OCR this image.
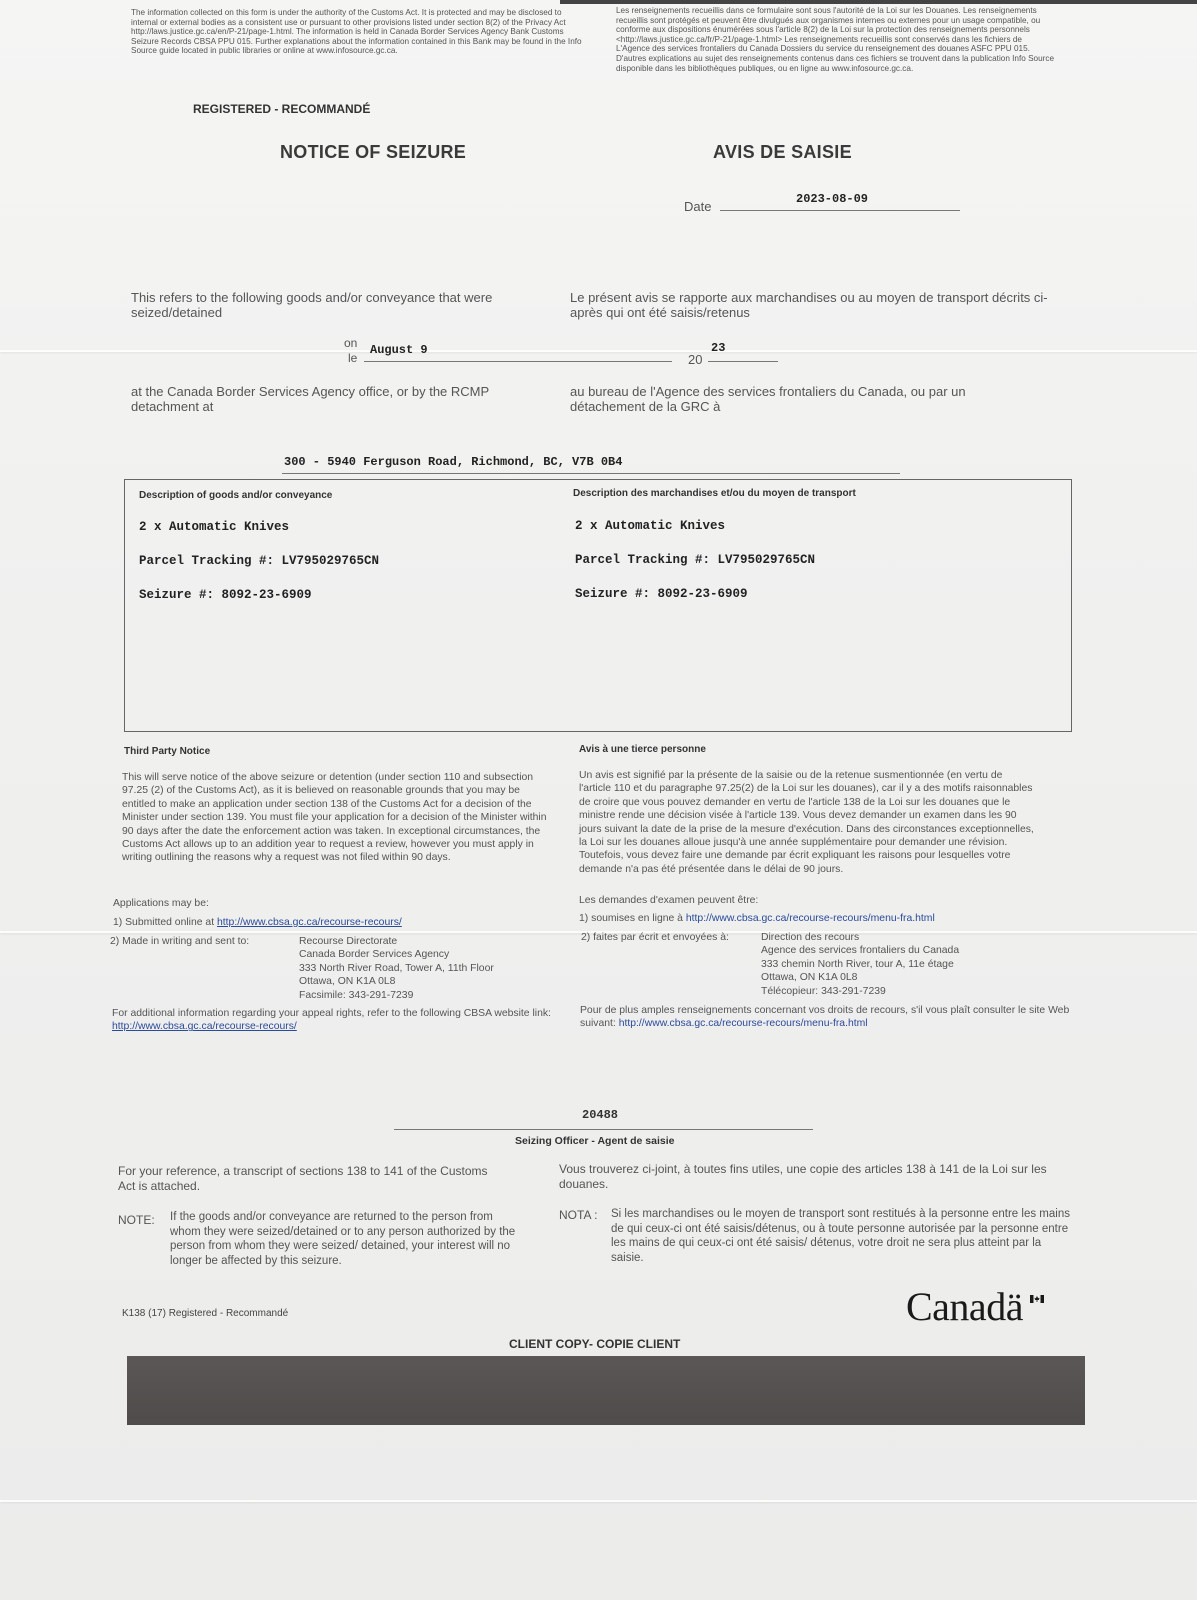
The information collected on this form is under the authority of the Customs Act. It is protected and may be disclosed to internal or external bodies as a consistent use or pursuant to other provisions listed under section 8(2) of the Privacy Act http://laws.justice.gc.ca/en/P-21/page-1.html. The information is held in Canada Border Services Agency Bank Customs Seizure Records CBSA PPU 015. Further explanations about the information contained in this Bank may be found in the Info Source guide located in public libraries or online at www.infosource.gc.ca.
Les renseignements recueillis dans ce formulaire sont sous l'autorité de la Loi sur les Douanes. Les renseignements recueillis sont protégés et peuvent être divulgués aux organismes internes ou externes pour un usage compatible, ou conforme aux dispositions énumérées sous l'article 8(2) de la Loi sur la protection des renseignements personnels <http://laws.justice.gc.ca/fr/P-21/page-1.html> Les renseignements recueillis sont conservés dans les fichiers de L'Agence des services frontaliers du Canada Dossiers du service du renseignement des douanes ASFC PPU 015. D'autres explications au sujet des renseignements contenus dans ces fichiers se trouvent dans la publication Info Source disponible dans les bibliothèques publiques, ou en ligne au www.infosource.gc.ca.
REGISTERED - RECOMMANDÉ
NOTICE OF SEIZURE	AVIS DE SAISIE
Date	2023-08-09
This refers to the following goods and/or conveyance that were seized/detained
Le présent avis se rapporte aux marchandises ou au moyen de transport décrits ci-après qui ont été saisis/retenus
on
le
August 9
20
23
at the Canada Border Services Agency office, or by the RCMP detachment at
au bureau de l'Agence des services frontaliers du Canada, ou par un détachement de la GRC à
300 - 5940 Ferguson Road, Richmond, BC, V7B 0B4
Description of goods and/or conveyance	Description des marchandises et/ou du moyen de transport
2 x Automatic Knives
Parcel Tracking #: LV795029765CN
Seizure #: 8092-23-6909
2 x Automatic Knives
Parcel Tracking #: LV795029765CN
Seizure #: 8092-23-6909
Third Party Notice	Avis à une tierce personne
This will serve notice of the above seizure or detention (under section 110 and subsection 97.25 (2) of the Customs Act), as it is believed on reasonable grounds that you may be entitled to make an application under section 138 of the Customs Act for a decision of the Minister under section 139. You must file your application for a decision of the Minister within 90 days after the date the enforcement action was taken. In exceptional circumstances, the Customs Act allows up to an addition year to request a review, however you must apply in writing outlining the reasons why a request was not filed within 90 days.
Un avis est signifié par la présente de la saisie ou de la retenue susmentionnée (en vertu de l'article 110 et du paragraphe 97.25(2) de la Loi sur les douanes), car il y a des motifs raisonnables de croire que vous pouvez demander en vertu de l'article 138 de la Loi sur les douanes que le ministre rende une décision visée à l'article 139. Vous devez demander un examen dans les 90 jours suivant la date de la prise de la mesure d'exécution. Dans des circonstances exceptionnelles, la Loi sur les douanes alloue jusqu'à une année supplémentaire pour demander une révision. Toutefois, vous devez faire une demande par écrit expliquant les raisons pour lesquelles votre demande n'a pas été présentée dans le délai de 90 jours.
Applications may be:	Les demandes d'examen peuvent être:
1) Submitted online at http://www.cbsa.gc.ca/recourse-recours/	1) soumises en ligne à http://www.cbsa.gc.ca/recourse-recours/menu-fra.html
2) Made in writing and sent to:	Recourse Directorate
Canada Border Services Agency
333 North River Road, Tower A, 11th Floor
Ottawa, ON K1A 0L8
Facsimile: 343-291-7239
2) faites par écrit et envoyées à:	Direction des recours
Agence des services frontaliers du Canada
333 chemin North River, tour A, 11e étage
Ottawa, ON K1A 0L8
Télécopieur: 343-291-7239
For additional information regarding your appeal rights, refer to the following CBSA website link: http://www.cbsa.gc.ca/recourse-recours/
Pour de plus amples renseignements concernant vos droits de recours, s'il vous plaît consulter le site Web suivant: http://www.cbsa.gc.ca/recourse-recours/menu-fra.html
20488
Seizing Officer - Agent de saisie
For your reference, a transcript of sections 138 to 141 of the Customs Act is attached.
Vous trouverez ci-joint, à toutes fins utiles, une copie des articles 138 à 141 de la Loi sur les douanes.
NOTE: If the goods and/or conveyance are returned to the person from whom they were seized/detained or to any person authorized by the person from whom they were seized/ detained, your interest will no longer be affected by this seizure.
NOTA : Si les marchandises ou le moyen de transport sont restitués à la personne entre les mains de qui ceux-ci ont été saisis/détenus, ou à toute personne autorisée par la personne entre les mains de qui ceux-ci ont été saisis/ détenus, votre droit ne sera plus atteint par la saisie.
K138 (17) Registered - Recommandé	Canadä
CLIENT COPY- COPIE CLIENT
